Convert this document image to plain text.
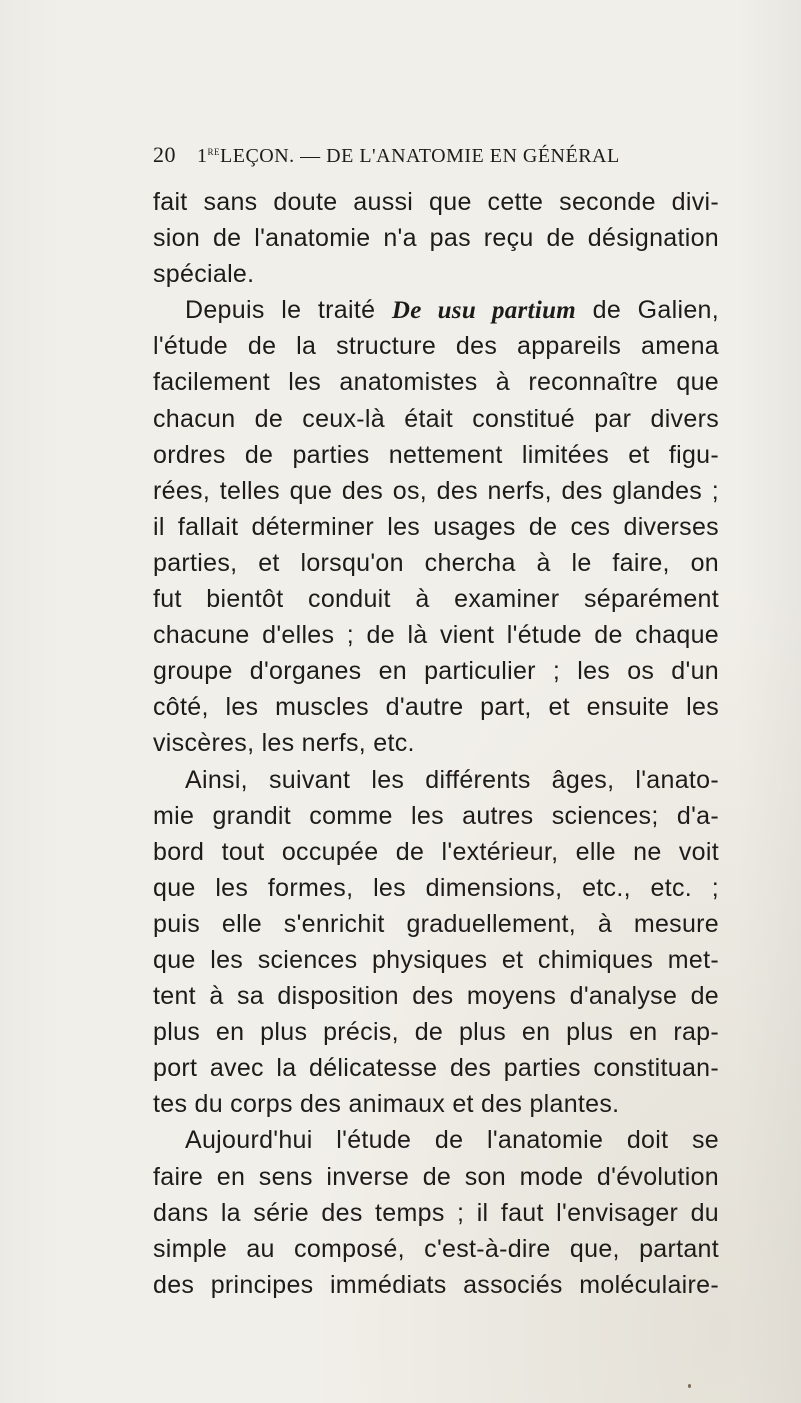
20 1reLEÇON. — DE L'ANATOMIE EN GÉNÉRAL
fait sans doute aussi que cette seconde divi-
sion de l'anatomie n'a pas reçu de désignation
spéciale.
Depuis le traité De usu partium de Galien,
l'étude de la structure des appareils amena
facilement les anatomistes à reconnaître que
chacun de ceux-là était constitué par divers
ordres de parties nettement limitées et figu-
rées, telles que des os, des nerfs, des glandes ;
il fallait déterminer les usages de ces diverses
parties, et lorsqu'on chercha à le faire, on
fut bientôt conduit à examiner séparément
chacune d'elles ; de là vient l'étude de chaque
groupe d'organes en particulier ; les os d'un
côté, les muscles d'autre part, et ensuite les
viscères, les nerfs, etc.
Ainsi, suivant les différents âges, l'anato-
mie grandit comme les autres sciences; d'a-
bord tout occupée de l'extérieur, elle ne voit
que les formes, les dimensions, etc., etc. ;
puis elle s'enrichit graduellement, à mesure
que les sciences physiques et chimiques met-
tent à sa disposition des moyens d'analyse de
plus en plus précis, de plus en plus en rap-
port avec la délicatesse des parties constituan-
tes du corps des animaux et des plantes.
Aujourd'hui l'étude de l'anatomie doit se
faire en sens inverse de son mode d'évolution
dans la série des temps ; il faut l'envisager du
simple au composé, c'est-à-dire que, partant
des principes immédiats associés moléculaire-
